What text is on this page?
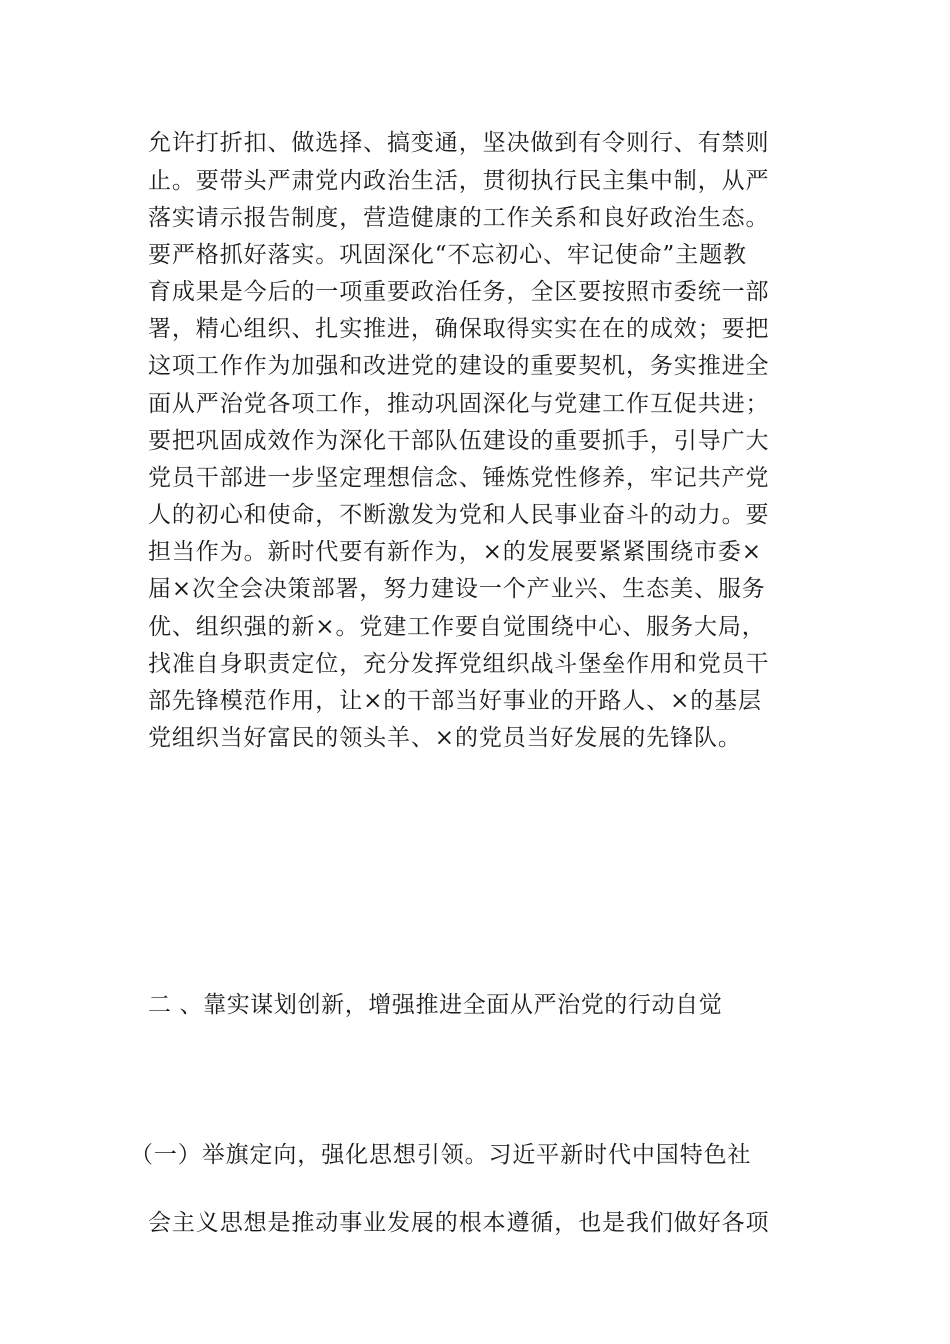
允许打折扣、做选择、搞变通，坚决做到有令则行、有禁则
止。要带头严肃党内政治生活，贯彻执行民主集中制，从严
落实请示报告制度，营造健康的工作关系和良好政治生态。
要严格抓好落实。巩固深化“不忘初心、牢记使命”主题教
育成果是今后的一项重要政治任务，全区要按照市委统一部
署，精心组织、扎实推进，确保取得实实在在的成效；要把
这项工作作为加强和改进党的建设的重要契机，务实推进全
面从严治党各项工作，推动巩固深化与党建工作互促共进；
要把巩固成效作为深化干部队伍建设的重要抓手，引导广大
党员干部进一步坚定理想信念、锤炼党性修养，牢记共产党
人的初心和使命，不断激发为党和人民事业奋斗的动力。要
担当作为。新时代要有新作为，×的发展要紧紧围绕市委×
届×次全会决策部署，努力建设一个产业兴、生态美、服务
优、组织强的新×。党建工作要自觉围绕中心、服务大局，
找准自身职责定位，充分发挥党组织战斗堡垒作用和党员干
部先锋模范作用，让×的干部当好事业的开路人、×的基层
党组织当好富民的领头羊、×的党员当好发展的先锋队。
二 、靠实谋划创新，增强推进全面从严治党的行动自觉
（一）举旗定向，强化思想引领。习近平新时代中国特色社
会主义思想是推动事业发展的根本遵循，也是我们做好各项
